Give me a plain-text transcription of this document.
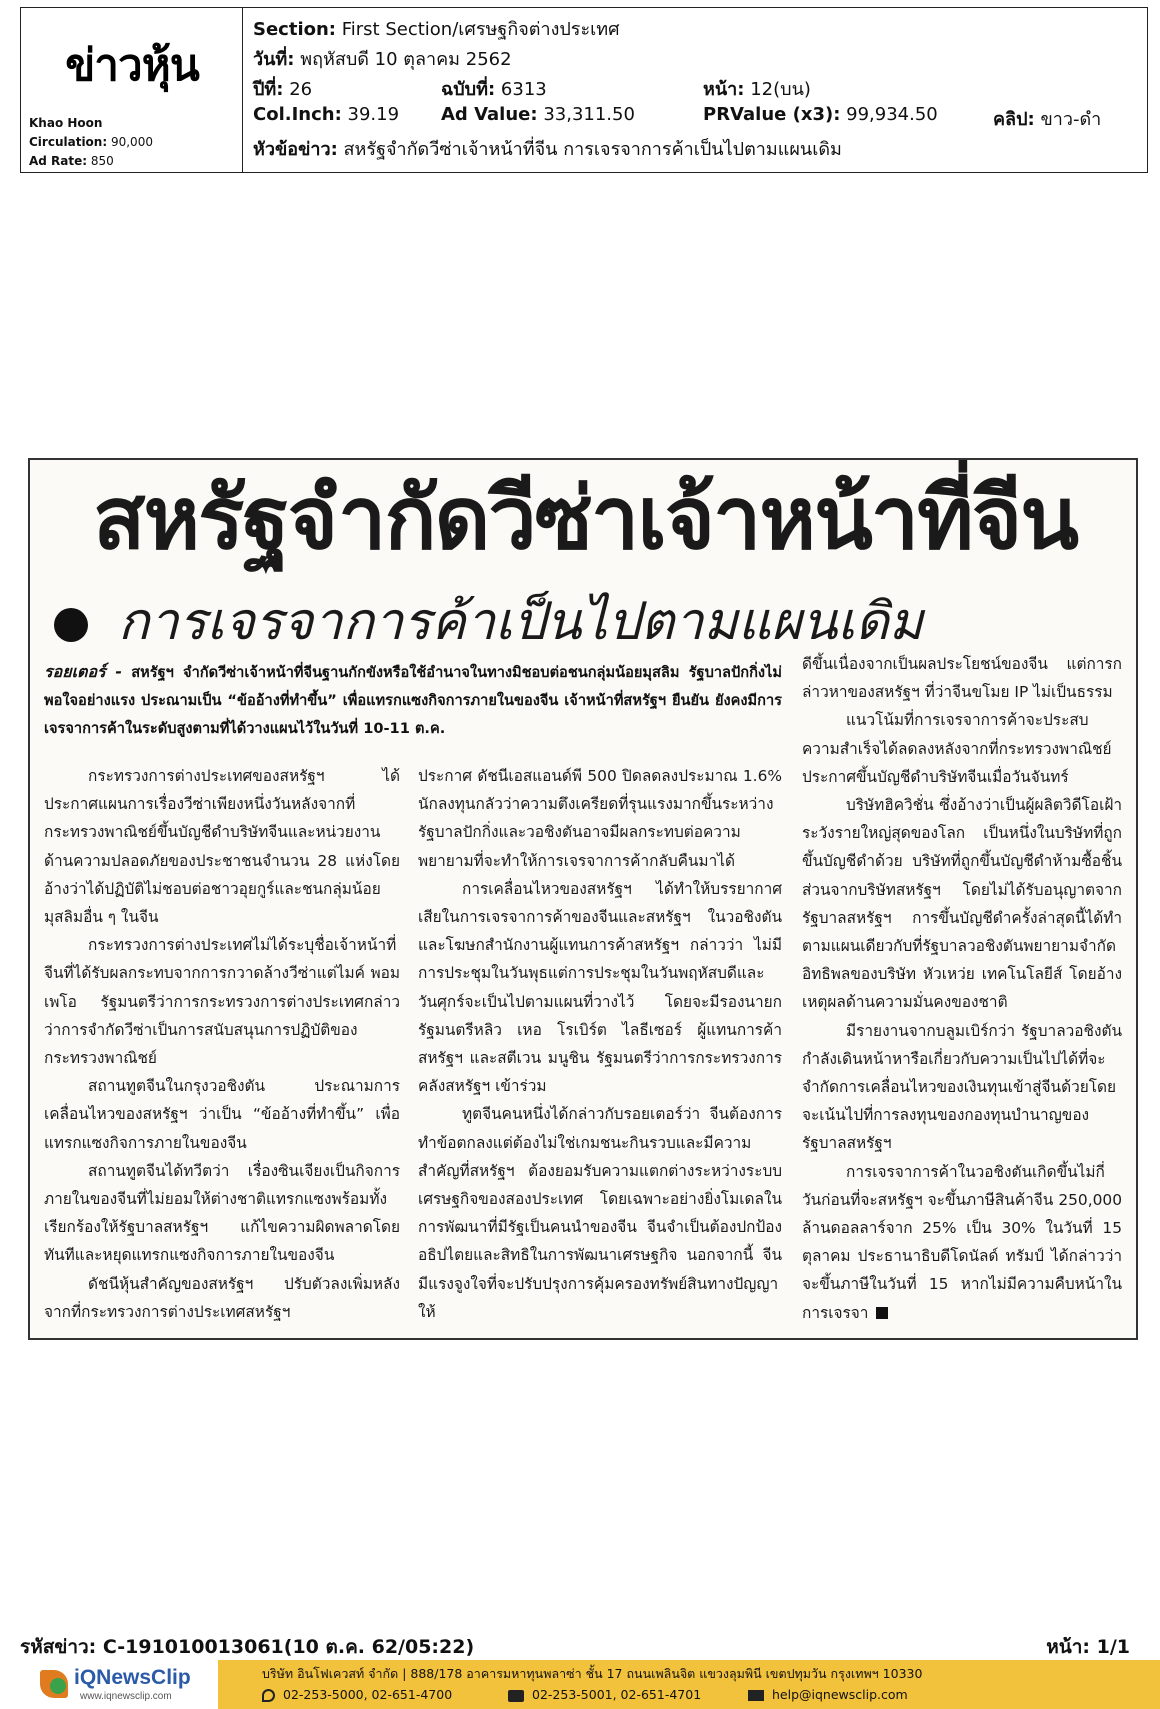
ข่าวหุ้น
Khao Hoon
Circulation: 90,000
Ad Rate: 850
Section: First Section/เศรษฐกิจต่างประเทศ
วันที่: พฤหัสบดี 10 ตุลาคม 2562
ปีที่: 26	ฉบับที่: 6313	หน้า: 12(บน)
Col.Inch: 39.19 Ad Value: 33,311.50	PRValue (x3): 99,934.50	คลิป: ขาว-ดำ
หัวข้อข่าว: สหรัฐจำกัดวีซ่าเจ้าหน้าที่จีน การเจรจาการค้าเป็นไปตามแผนเดิม
สหรัฐจำกัดวีซ่าเจ้าหน้าที่จีน
การเจรจาการค้าเป็นไปตามแผนเดิม
รอยเตอร์ - สหรัฐฯ จำกัดวีซ่าเจ้าหน้าที่จีนฐานกักขังหรือใช้อำนาจในทางมิชอบต่อชนกลุ่มน้อยมุสลิม รัฐบาลปักกิ่งไม่พอใจอย่างแรง ประณามเป็น “ข้ออ้างที่ทำขึ้น” เพื่อแทรกแซงกิจการภายในของจีน เจ้าหน้าที่สหรัฐฯ ยืนยัน ยังคงมีการเจรจาการค้าในระดับสูงตามที่ได้วางแผนไว้ในวันที่ 10-11 ต.ค.

กระทรวงการต่างประเทศของสหรัฐฯ ได้ประกาศแผนการเรื่องวีซ่าเพียงหนึ่งวันหลังจากที่กระทรวงพาณิชย์ขึ้นบัญชีดำบริษัทจีนและหน่วยงานด้านความปลอดภัยของประชาชนจำนวน 28 แห่งโดยอ้างว่าได้ปฏิบัติไม่ชอบต่อชาวอุยกูร์และชนกลุ่มน้อยมุสลิมอื่น ๆ ในจีน

กระทรวงการต่างประเทศไม่ได้ระบุชื่อเจ้าหน้าที่จีนที่ได้รับผลกระทบจากการกวาดล้างวีซ่าแต่ไมค์ พอมเพโอ รัฐมนตรีว่าการกระทรวงการต่างประเทศกล่าวว่าการจำกัดวีซ่าเป็นการสนับสนุนการปฏิบัติของกระทรวงพาณิชย์

สถานทูตจีนในกรุงวอชิงตัน ประณามการเคลื่อนไหวของสหรัฐฯ ว่าเป็น “ข้ออ้างที่ทำขึ้น” เพื่อแทรกแซงกิจการภายในของจีน

สถานทูตจีนได้ทวีตว่า เรื่องซินเจียงเป็นกิจการภายในของจีนที่ไม่ยอมให้ต่างชาติแทรกแซงพร้อมทั้งเรียกร้องให้รัฐบาลสหรัฐฯ แก้ไขความผิดพลาดโดยทันทีและหยุดแทรกแซงกิจการภายในของจีน

ดัชนีหุ้นสำคัญของสหรัฐฯ ปรับตัวลงเพิ่มหลังจากที่กระทรวงการต่างประเทศสหรัฐฯ

ประกาศ ดัชนีเอสแอนด์พี 500 ปิดลดลงประมาณ 1.6% นักลงทุนกลัวว่าความตึงเครียดที่รุนแรงมากขึ้นระหว่างรัฐบาลปักกิ่งและวอชิงตันอาจมีผลกระทบต่อความพยายามที่จะทำให้การเจรจาการค้ากลับคืนมาได้

การเคลื่อนไหวของสหรัฐฯ ได้ทำให้บรรยากาศเสียในการเจรจาการค้าของจีนและสหรัฐฯ ในวอชิงตัน และโฆษกสำนักงานผู้แทนการค้าสหรัฐฯ กล่าวว่า ไม่มีการประชุมในวันพุธแต่การประชุมในวันพฤหัสบดีและวันศุกร์จะเป็นไปตามแผนที่วางไว้ โดยจะมีรองนายกรัฐมนตรีหลิว เหอ โรเบิร์ต ไลธีเซอร์ ผู้แทนการค้าสหรัฐฯ และสตีเวน มนูชิน รัฐมนตรีว่าการกระทรวงการคลังสหรัฐฯ เข้าร่วม

ทูตจีนคนหนึ่งได้กล่าวกับรอยเตอร์ว่า จีนต้องการทำข้อตกลงแต่ต้องไม่ใช่เกมชนะกินรวบและมีความสำคัญที่สหรัฐฯ ต้องยอมรับความแตกต่างระหว่างระบบเศรษฐกิจของสองประเทศ โดยเฉพาะอย่างยิ่งโมเดลในการพัฒนาที่มีรัฐเป็นคนนำของจีน จีนจำเป็นต้องปกป้องอธิปไตยและสิทธิในการพัฒนาเศรษฐกิจ นอกจากนี้ จีนมีแรงจูงใจที่จะปรับปรุงการคุ้มครองทรัพย์สินทางปัญญาให้

ดีขึ้นเนื่องจากเป็นผลประโยชน์ของจีน แต่การกล่าวหาของสหรัฐฯ ที่ว่าจีนขโมย IP ไม่เป็นธรรม

แนวโน้มที่การเจรจาการค้าจะประสบความสำเร็จได้ลดลงหลังจากที่กระทรวงพาณิชย์ประกาศขึ้นบัญชีดำบริษัทจีนเมื่อวันจันทร์

บริษัทฮิควิชั่น ซึ่งอ้างว่าเป็นผู้ผลิตวิดีโอเฝ้าระวังรายใหญ่สุดของโลก เป็นหนึ่งในบริษัทที่ถูกขึ้นบัญชีดำด้วย บริษัทที่ถูกขึ้นบัญชีดำห้ามซื้อชิ้นส่วนจากบริษัทสหรัฐฯ โดยไม่ได้รับอนุญาตจากรัฐบาลสหรัฐฯ การขึ้นบัญชีดำครั้งล่าสุดนี้ได้ทำตามแผนเดียวกับที่รัฐบาลวอชิงตันพยายามจำกัดอิทธิพลของบริษัท หัวเหว่ย เทคโนโลยีส์ โดยอ้างเหตุผลด้านความมั่นคงของชาติ

มีรายงานจากบลูมเบิร์กว่า รัฐบาลวอชิงตันกำลังเดินหน้าหารือเกี่ยวกับความเป็นไปได้ที่จะจำกัดการเคลื่อนไหวของเงินทุนเข้าสู่จีนด้วยโดยจะเน้นไปที่การลงทุนของกองทุนบำนาญของรัฐบาลสหรัฐฯ

การเจรจาการค้าในวอชิงตันเกิดขึ้นไม่กี่วันก่อนที่จะสหรัฐฯ จะขึ้นภาษีสินค้าจีน 250,000 ล้านดอลลาร์จาก 25% เป็น 30% ในวันที่ 15 ตุลาคม ประธานาธิบดีโดนัลด์ ทรัมป์ ได้กล่าวว่า จะขึ้นภาษีในวันที่ 15 หากไม่มีความคืบหน้าในการเจรจา

รหัสข่าว: C-191010013061(10 ต.ค. 62/05:22)	หน้า: 1/1
iQNewsClip
www.iqnewsclip.com
บริษัท อินโฟเควสท์ จำกัด | 888/178 อาคารมหาทุนพลาซ่า ชั้น 17 ถนนเพลินจิต แขวงลุมพินี เขตปทุมวัน กรุงเทพฯ 10330
02-253-5000, 02-651-4700	02-253-5001, 02-651-4701	help@iqnewsclip.com
